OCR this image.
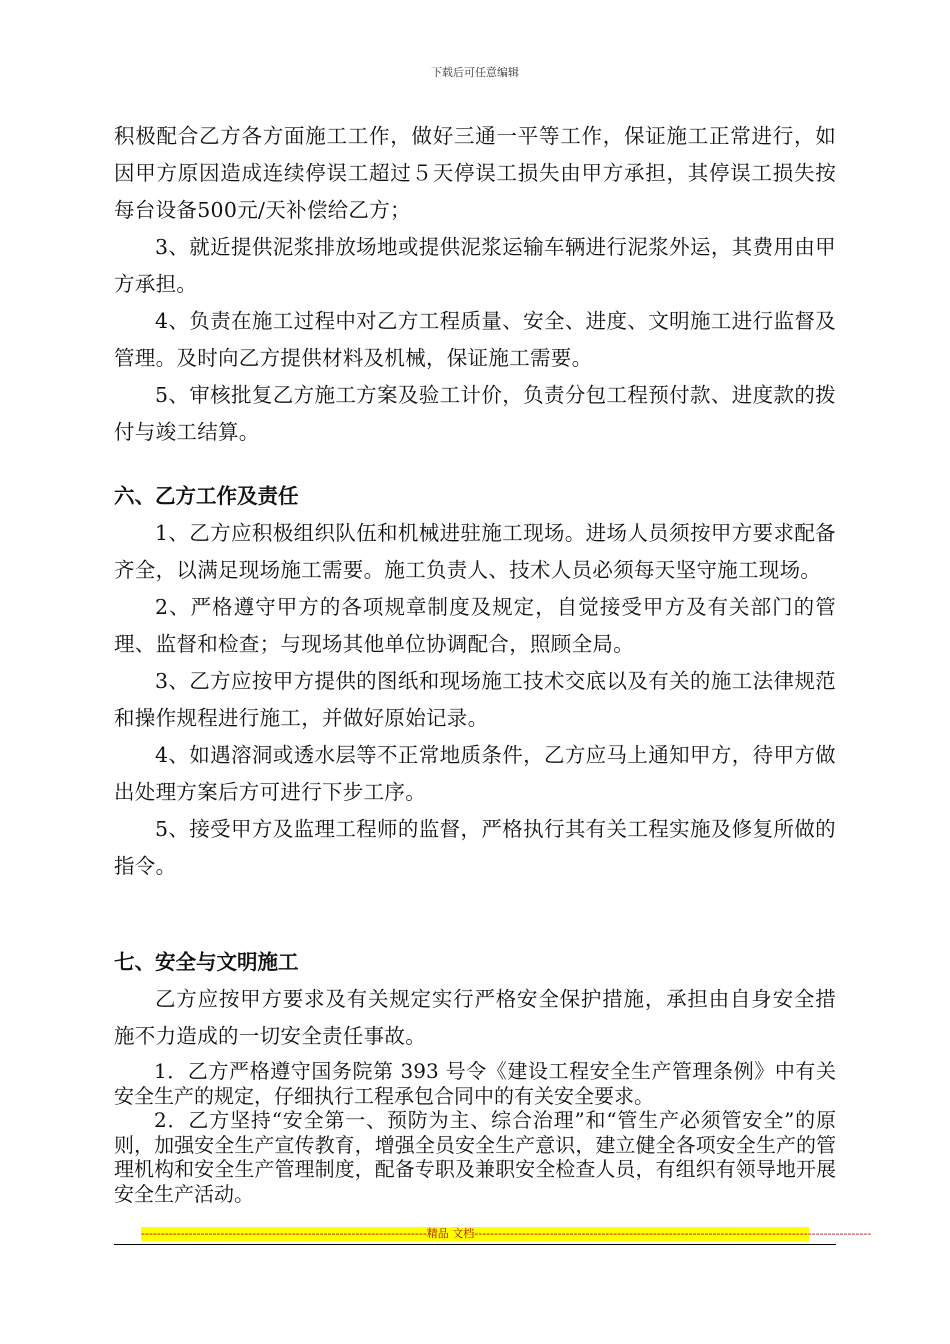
下载后可任意编辑

积极配合乙方各方面施工工作，做好三通一平等工作，保证施工正常进行，如因甲方原因造成连续停误工超过５天停误工损失由甲方承担，其停误工损失按每台设备500元/天补偿给乙方；

3、就近提供泥浆排放场地或提供泥浆运输车辆进行泥浆外运，其费用由甲方承担。

4、负责在施工过程中对乙方工程质量、安全、进度、文明施工进行监督及管理。及时向乙方提供材料及机械，保证施工需要。

5、审核批复乙方施工方案及验工计价，负责分包工程预付款、进度款的拨付与竣工结算。

六、乙方工作及责任

1、乙方应积极组织队伍和机械进驻施工现场。进场人员须按甲方要求配备齐全，以满足现场施工需要。施工负责人、技术人员必须每天坚守施工现场。

2、严格遵守甲方的各项规章制度及规定，自觉接受甲方及有关部门的管理、监督和检查；与现场其他单位协调配合，照顾全局。

3、乙方应按甲方提供的图纸和现场施工技术交底以及有关的施工法律规范和操作规程进行施工，并做好原始记录。

4、如遇溶洞或透水层等不正常地质条件，乙方应马上通知甲方，待甲方做出处理方案后方可进行下步工序。

5、接受甲方及监理工程师的监督，严格执行其有关工程实施及修复所做的指令。

七、安全与文明施工

乙方应按甲方要求及有关规定实行严格安全保护措施，承担由自身安全措施不力造成的一切安全责任事故。

1．乙方严格遵守国务院第 393 号令《建设工程安全生产管理条例》中有关安全生产的规定，仔细执行工程承包合同中的有关安全要求。

2．乙方坚持“安全第一、预防为主、综合治理”和“管生产必须管安全”的原则，加强安全生产宣传教育，增强全员安全生产意识，建立健全各项安全生产的管理机构和安全生产管理制度，配备专职及兼职安全检查人员，有组织有领导地开展安全生产活动。

------------------------------------------------------------------------精品 文档----------------------------------------------------------------------------------------------------
